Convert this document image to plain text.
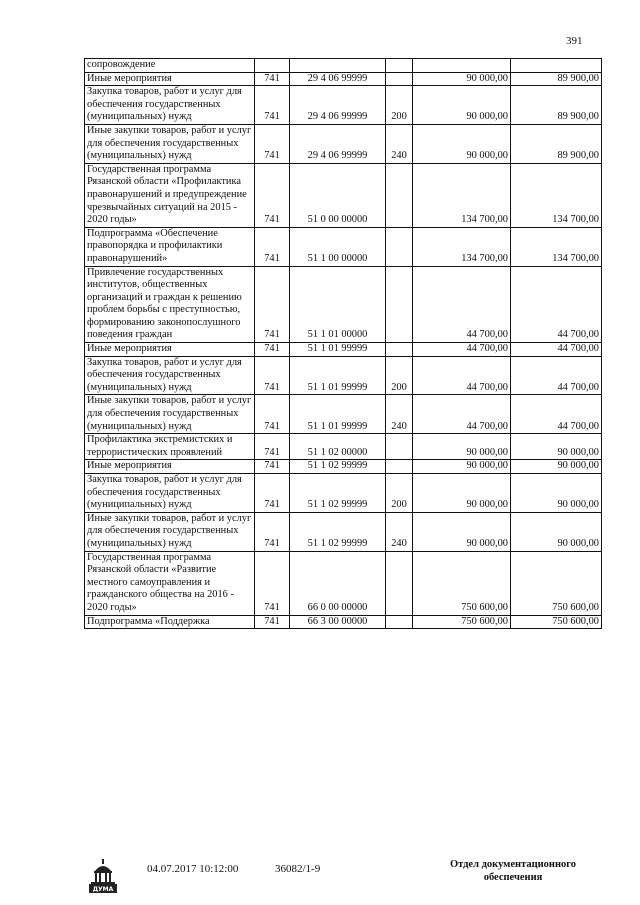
391
сопровождение					
Иные мероприятия	741	29 4 06 99999		90 000,00	89 900,00
Закупка товаров, работ и услуг для обеспечения государственных (муниципальных) нужд	741	29 4 06 99999	200	90 000,00	89 900,00
Иные закупки товаров, работ и услуг для обеспечения государственных (муниципальных) нужд	741	29 4 06 99999	240	90 000,00	89 900,00
Государственная программа Рязанской области «Профилактика правонарушений и предупреждение чрезвычайных ситуаций на 2015 - 2020 годы»	741	51 0 00 00000		134 700,00	134 700,00
Подпрограмма «Обеспечение правопорядка и профилактики правонарушений»	741	51 1 00 00000		134 700,00	134 700,00
Привлечение государственных институтов, общественных организаций и граждан к решению проблем борьбы с преступностью, формированию законопослушного поведения граждан	741	51 1 01 00000		44 700,00	44 700,00
Иные мероприятия	741	51 1 01 99999		44 700,00	44 700,00
Закупка товаров, работ и услуг для обеспечения государственных (муниципальных) нужд	741	51 1 01 99999	200	44 700,00	44 700,00
Иные закупки товаров, работ и услуг для обеспечения государственных (муниципальных) нужд	741	51 1 01 99999	240	44 700,00	44 700,00
Профилактика экстремистских и террористических проявлений	741	51 1 02 00000		90 000,00	90 000,00
Иные мероприятия	741	51 1 02 99999		90 000,00	90 000,00
Закупка товаров, работ и услуг для обеспечения государственных (муниципальных) нужд	741	51 1 02 99999	200	90 000,00	90 000,00
Иные закупки товаров, работ и услуг для обеспечения государственных (муниципальных) нужд	741	51 1 02 99999	240	90 000,00	90 000,00
Государственная программа Рязанской области «Развитие местного самоуправления и гражданского общества на 2016 - 2020 годы»	741	66 0 00 00000		750 600,00	750 600,00
Подпрограмма «Поддержка	741	66 3 00 00000		750 600,00	750 600,00
ДУМА
04.07.2017 10:12:00	36082/1-9	Отдел документационного обеспечения
